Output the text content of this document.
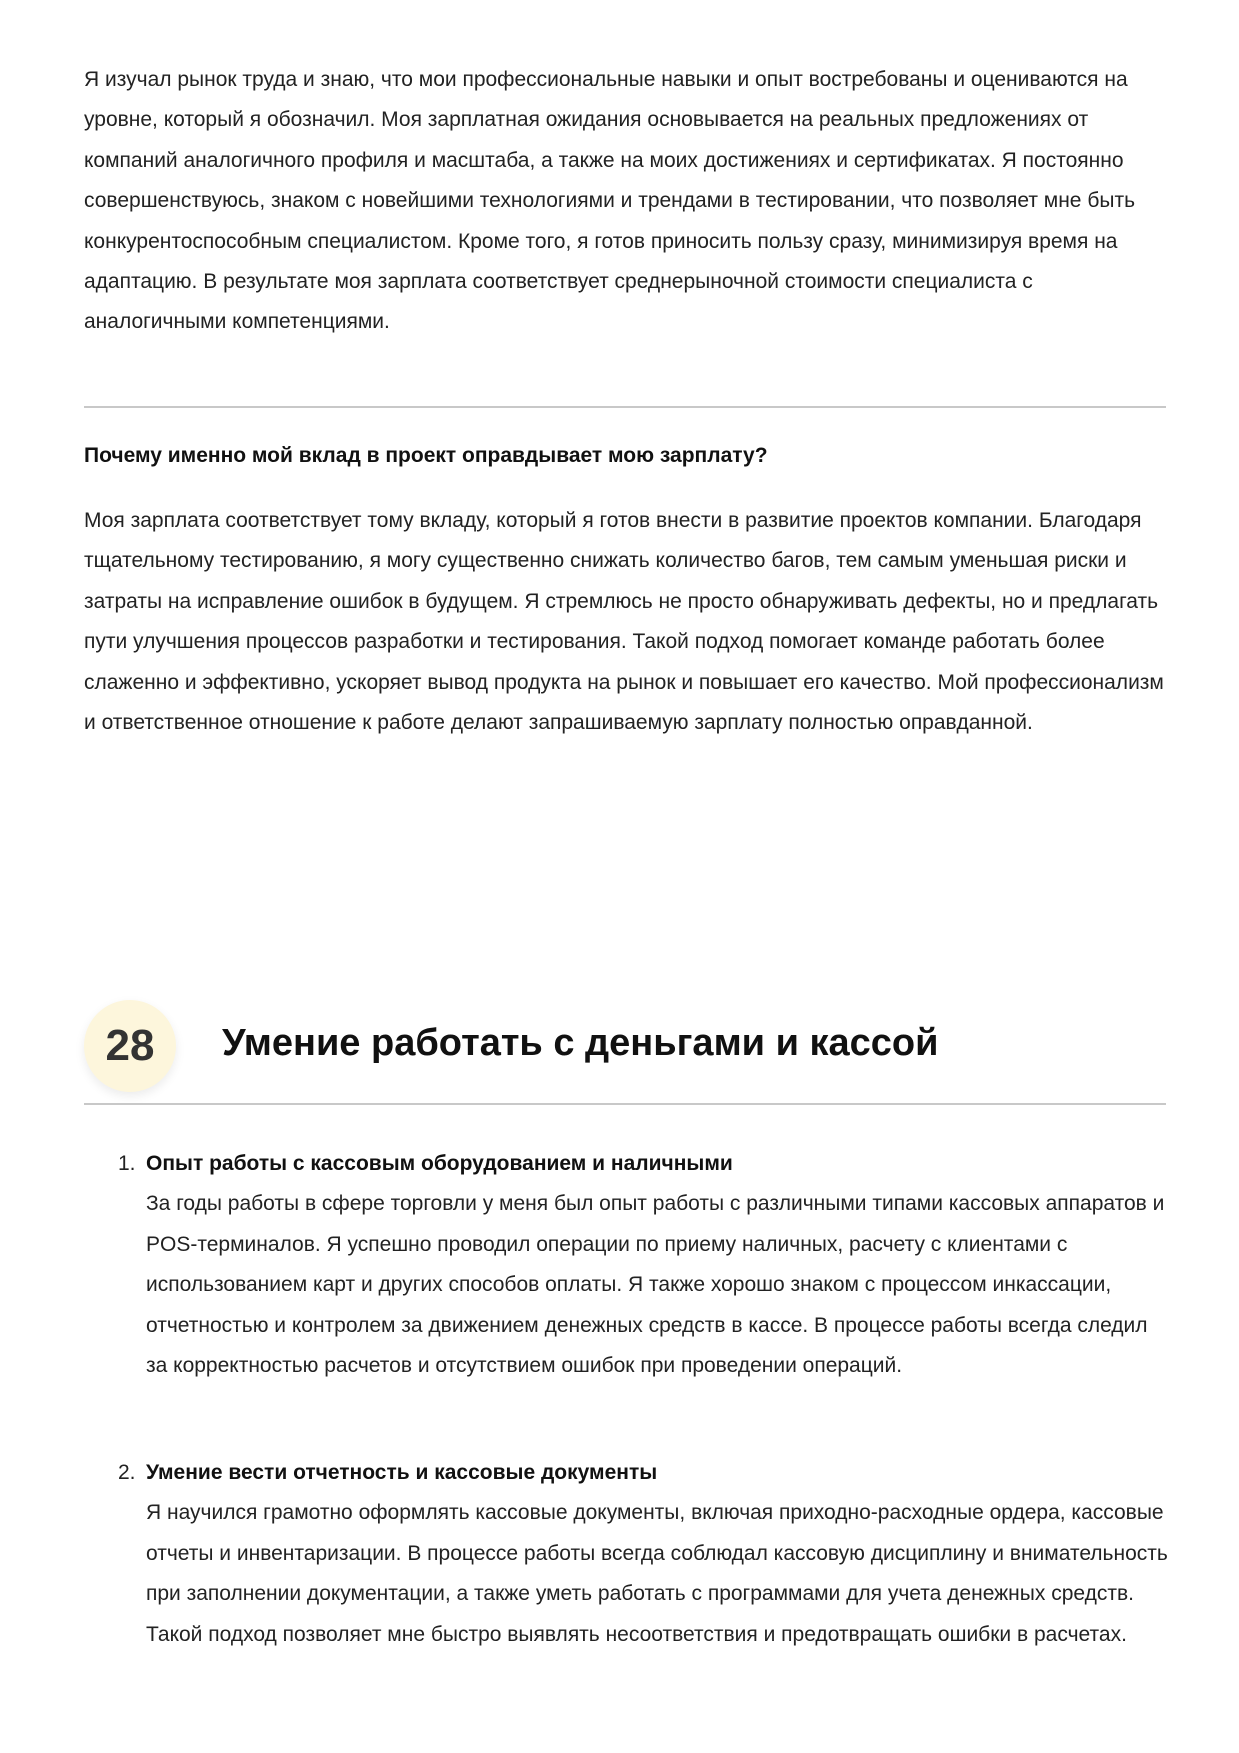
Я изучал рынок труда и знаю, что мои профессиональные навыки и опыт востребованы и оцениваются на уровне, который я обозначил. Моя зарплатная ожидания основывается на реальных предложениях от компаний аналогичного профиля и масштаба, а также на моих достижениях и сертификатах. Я постоянно совершенствуюсь, знаком с новейшими технологиями и трендами в тестировании, что позволяет мне быть конкурентоспособным специалистом. Кроме того, я готов приносить пользу сразу, минимизируя время на адаптацию. В результате моя зарплата соответствует среднерыночной стоимости специалиста с аналогичными компетенциями.

Почему именно мой вклад в проект оправдывает мою зарплату?

Моя зарплата соответствует тому вкладу, который я готов внести в развитие проектов компании. Благодаря тщательному тестированию, я могу существенно снижать количество багов, тем самым уменьшая риски и затраты на исправление ошибок в будущем. Я стремлюсь не просто обнаруживать дефекты, но и предлагать пути улучшения процессов разработки и тестирования. Такой подход помогает команде работать более слаженно и эффективно, ускоряет вывод продукта на рынок и повышает его качество. Мой профессионализм и ответственное отношение к работе делают запрашиваемую зарплату полностью оправданной.

28	Умение работать с деньгами и кассой
1. Опыт работы с кассовым оборудованием и наличными
За годы работы в сфере торговли у меня был опыт работы с различными типами кассовых аппаратов и POS-терминалов. Я успешно проводил операции по приему наличных, расчету с клиентами с использованием карт и других способов оплаты. Я также хорошо знаком с процессом инкассации, отчетностью и контролем за движением денежных средств в кассе. В процессе работы всегда следил за корректностью расчетов и отсутствием ошибок при проведении операций.
2. Умение вести отчетность и кассовые документы
Я научился грамотно оформлять кассовые документы, включая приходно-расходные ордера, кассовые отчеты и инвентаризации. В процессе работы всегда соблюдал кассовую дисциплину и внимательность при заполнении документации, а также уметь работать с программами для учета денежных средств. Такой подход позволяет мне быстро выявлять несоответствия и предотвращать ошибки в расчетах.
